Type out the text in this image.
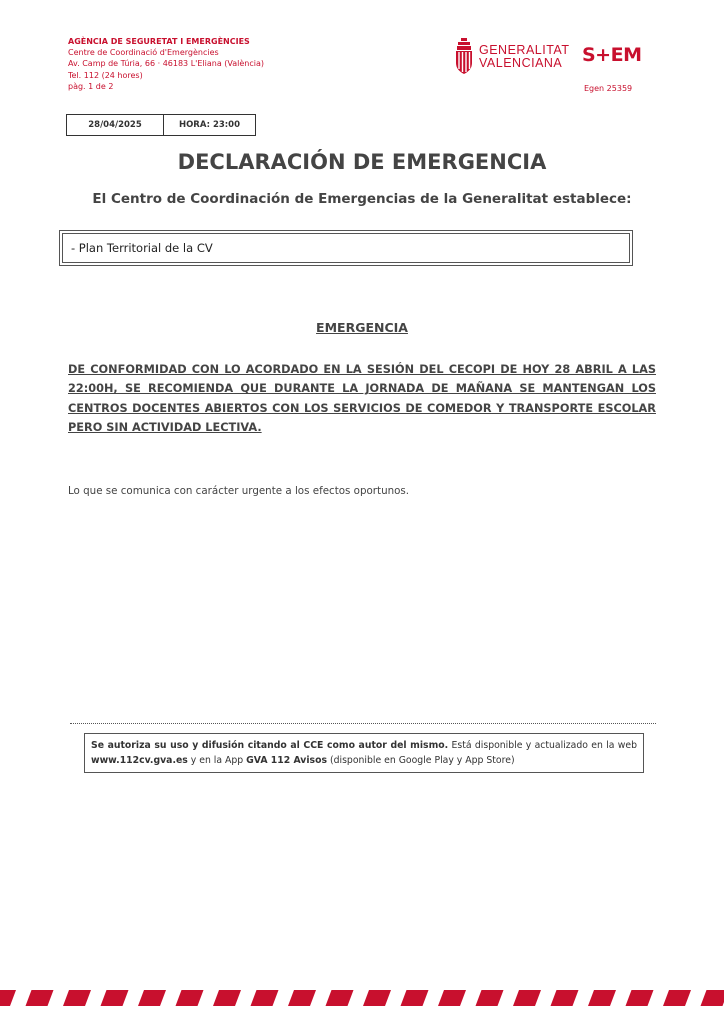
AGÈNCIA DE SEGURETAT I EMERGÈNCIES
Centre de Coordinació d'Emergències
Av. Camp de Túria, 66 · 46183 L'Eliana (València)
Tel. 112 (24 hores)
pàg. 1 de 2
GENERALITAT
VALENCIANA	S+EM
Egen 25359
28/04/2025	HORA: 23:00
DECLARACIÓN DE EMERGENCIA
El Centro de Coordinación de Emergencias de la Generalitat establece:
- Plan Territorial de la CV
EMERGENCIA
DE CONFORMIDAD CON LO ACORDADO EN LA SESIÓN DEL CECOPI DE HOY 28 ABRIL A LAS 22:00H, SE RECOMIENDA QUE DURANTE LA JORNADA DE MAÑANA SE MANTENGAN LOS CENTROS DOCENTES ABIERTOS CON LOS SERVICIOS DE COMEDOR Y TRANSPORTE ESCOLAR PERO SIN ACTIVIDAD LECTIVA.
Lo que se comunica con carácter urgente a los efectos oportunos.
Se autoriza su uso y difusión citando al CCE como autor del mismo. Está disponible y actualizado en la web www.112cv.gva.es y en la App GVA 112 Avisos (disponible en Google Play y App Store)
